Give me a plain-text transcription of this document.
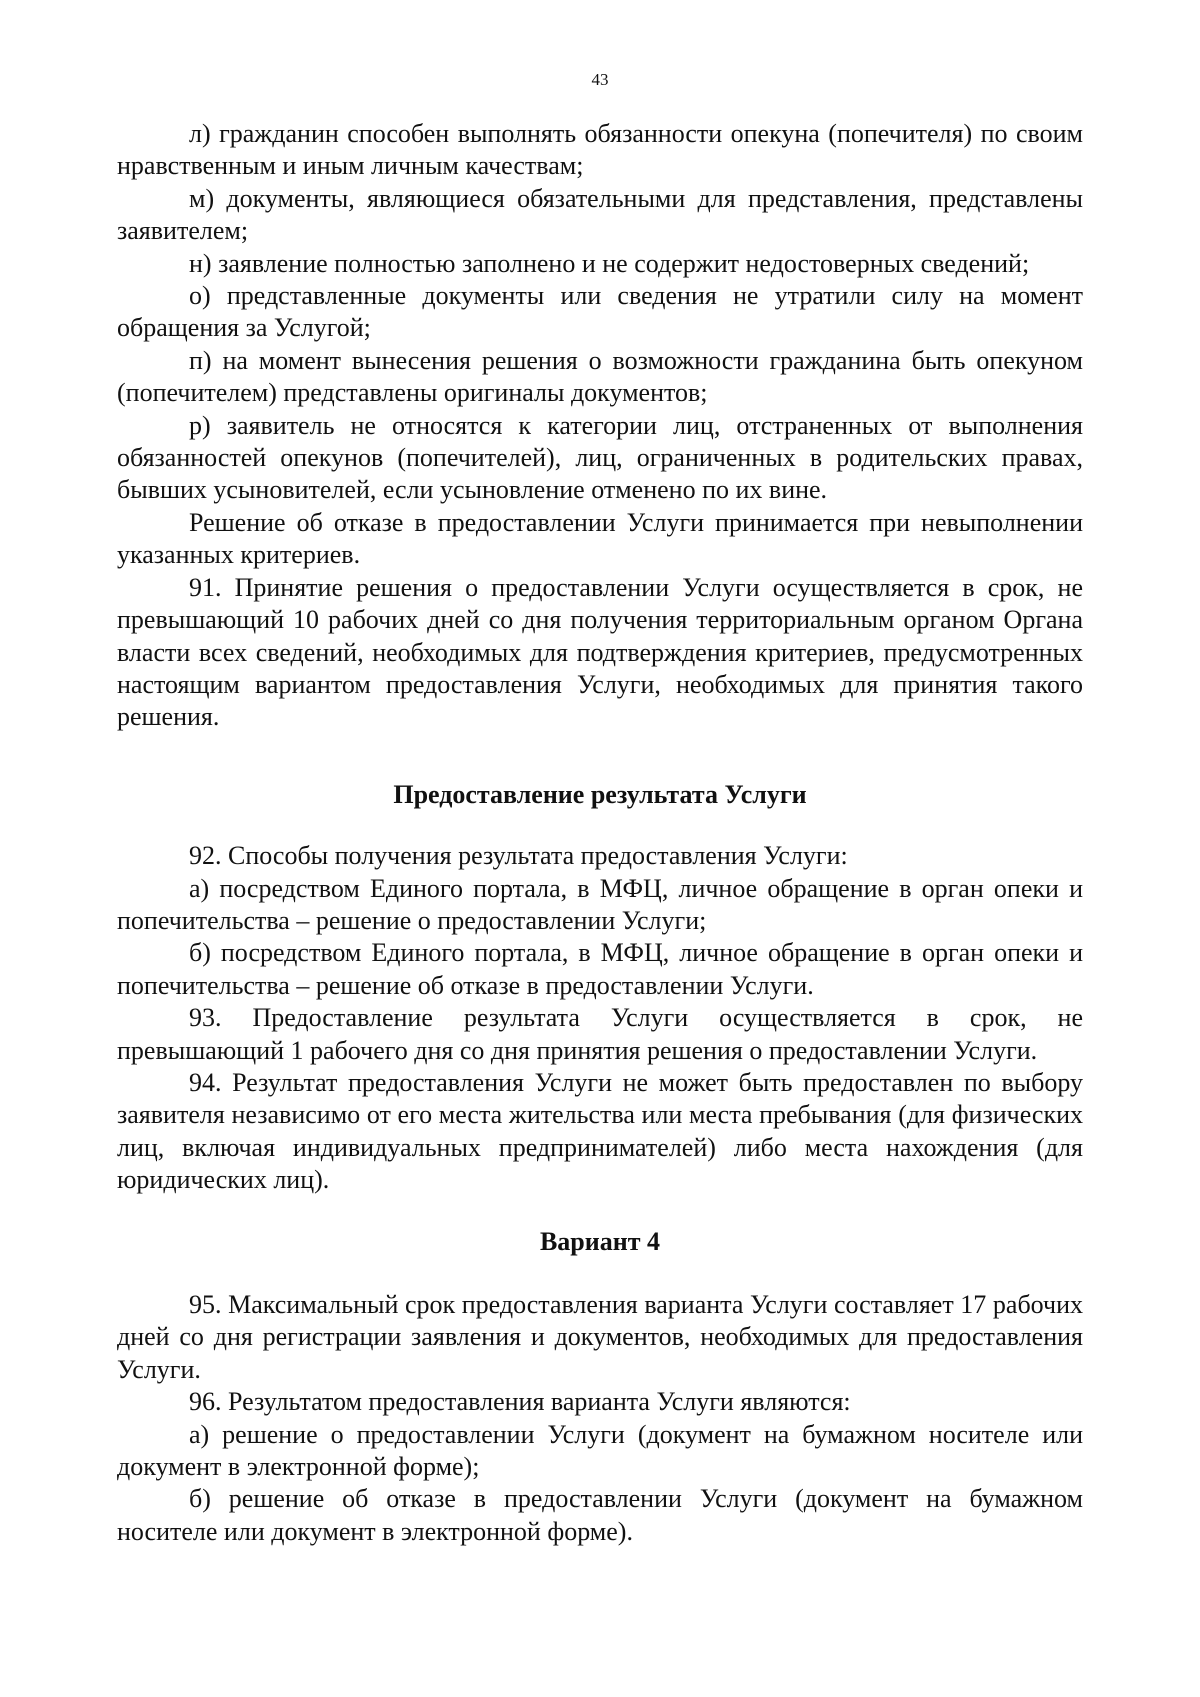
43

л) гражданин способен выполнять обязанности опекуна (попечителя) по своим нравственным и иным личным качествам;

м) документы, являющиеся обязательными для представления, представлены заявителем;

н) заявление полностью заполнено и не содержит недостоверных сведений;

о) представленные документы или сведения не утратили силу на момент обращения за Услугой;

п) на момент вынесения решения о возможности гражданина быть опекуном (попечителем) представлены оригиналы документов;

р) заявитель не относятся к категории лиц, отстраненных от выполнения обязанностей опекунов (попечителей), лиц, ограниченных в родительских правах, бывших усыновителей, если усыновление отменено по их вине.

Решение об отказе в предоставлении Услуги принимается при невыполнении указанных критериев.

91. Принятие решения о предоставлении Услуги осуществляется в срок, не превышающий 10 рабочих дней со дня получения территориальным органом Органа власти всех сведений, необходимых для подтверждения критериев, предусмотренных настоящим вариантом предоставления Услуги, необходимых для принятия такого решения.

Предоставление результата Услуги

92. Способы получения результата предоставления Услуги:

а) посредством Единого портала, в МФЦ, личное обращение в орган опеки и попечительства – решение о предоставлении Услуги;

б) посредством Единого портала, в МФЦ, личное обращение в орган опеки и попечительства – решение об отказе в предоставлении Услуги.

93. Предоставление результата Услуги осуществляется в срок, не превышающий 1 рабочего дня со дня принятия решения о предоставлении Услуги.

94. Результат предоставления Услуги не может быть предоставлен по выбору заявителя независимо от его места жительства или места пребывания (для физических лиц, включая индивидуальных предпринимателей) либо места нахождения (для юридических лиц).

Вариант 4

95. Максимальный срок предоставления варианта Услуги составляет 17 рабочих дней со дня регистрации заявления и документов, необходимых для предоставления Услуги.

96. Результатом предоставления варианта Услуги являются:

а) решение о предоставлении Услуги (документ на бумажном носителе или документ в электронной форме);

б) решение об отказе в предоставлении Услуги (документ на бумажном носителе или документ в электронной форме).
